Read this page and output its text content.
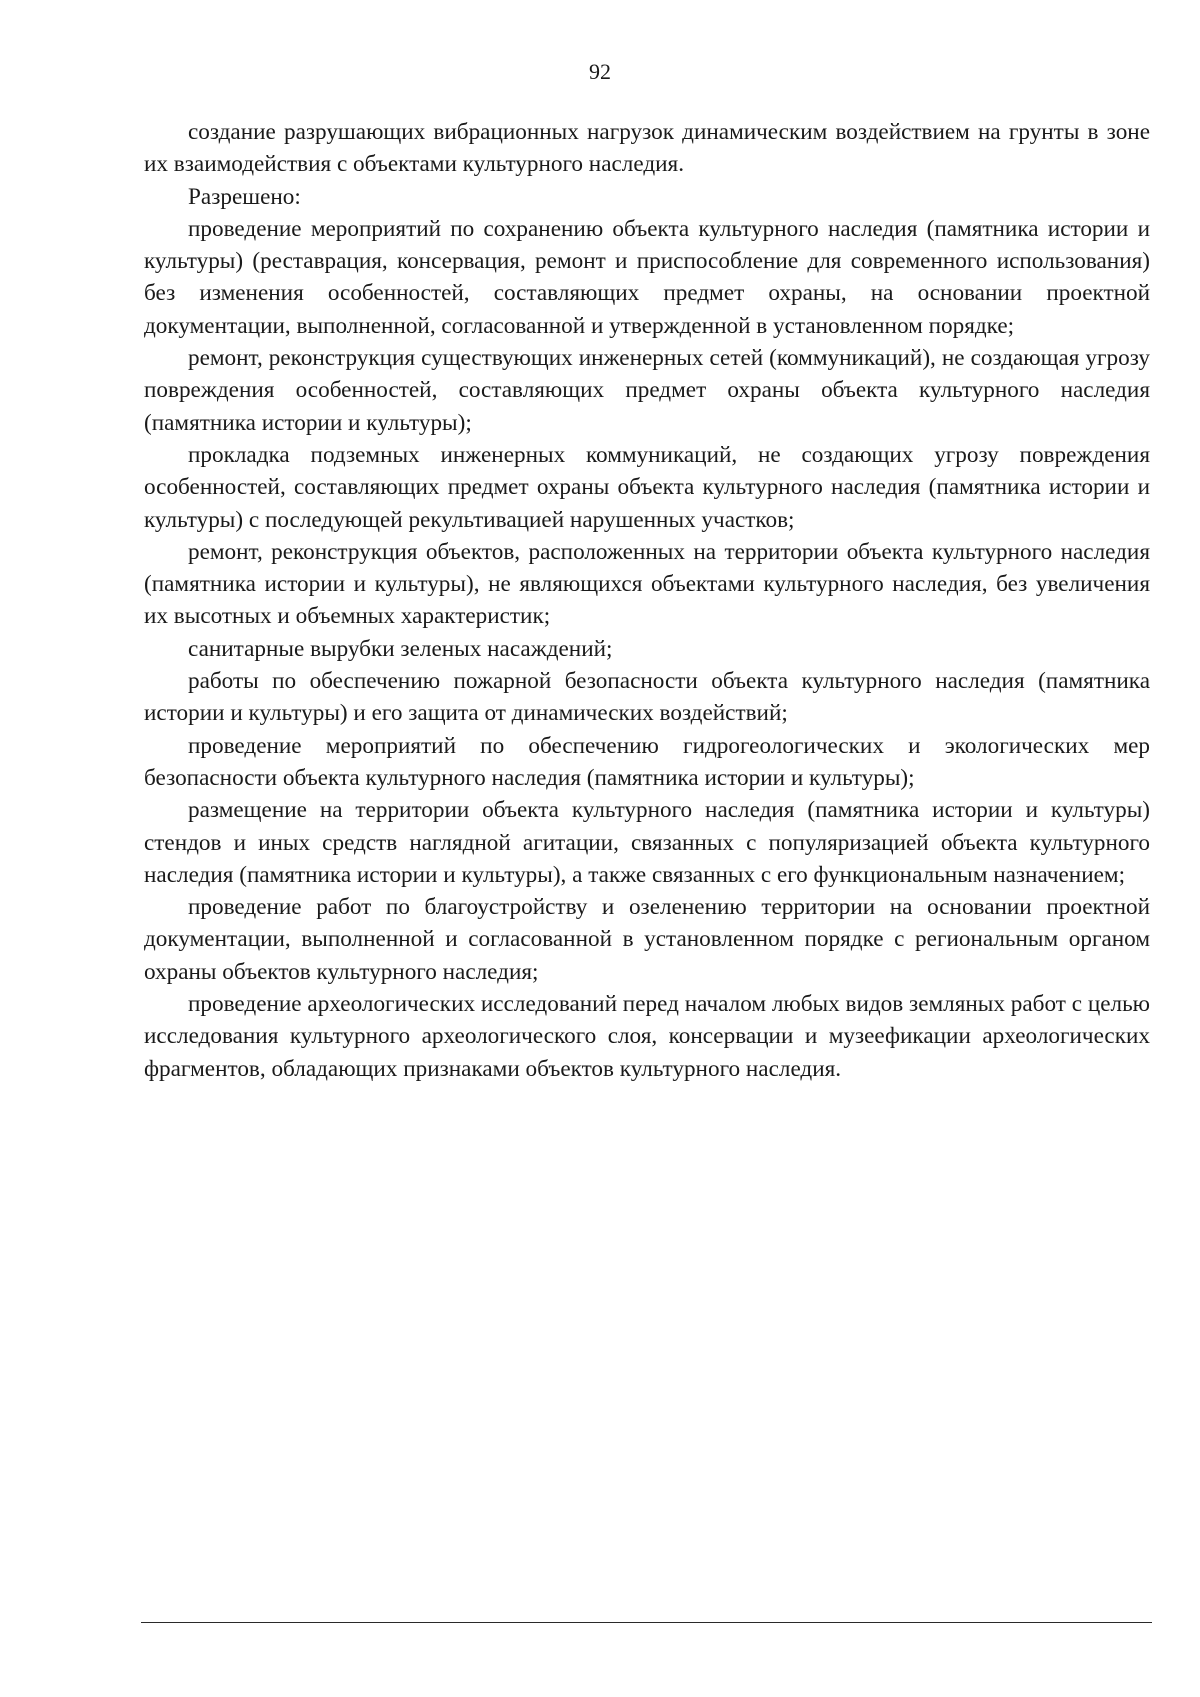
92

создание разрушающих вибрационных нагрузок динамическим воздействием на грунты в зоне их взаимодействия с объектами культурного наследия.

Разрешено:

проведение мероприятий по сохранению объекта культурного наследия (памятника истории и культуры) (реставрация, консервация, ремонт и приспособление для современного использования) без изменения особенностей, составляющих предмет охраны, на основании проектной документации, выполненной, согласованной и утвержденной в установленном порядке;

ремонт, реконструкция существующих инженерных сетей (коммуникаций), не создающая угрозу повреждения особенностей, составляющих предмет охраны объекта культурного наследия (памятника истории и культуры);

прокладка подземных инженерных коммуникаций, не создающих угрозу повреждения особенностей, составляющих предмет охраны объекта культурного наследия (памятника истории и культуры) с последующей рекультивацией нарушенных участков;

ремонт, реконструкция объектов, расположенных на территории объекта культурного наследия (памятника истории и культуры), не являющихся объектами культурного наследия, без увеличения их высотных и объемных характеристик;

санитарные вырубки зеленых насаждений;

работы по обеспечению пожарной безопасности объекта культурного наследия (памятника истории и культуры) и его защита от динамических воздействий;

проведение мероприятий по обеспечению гидрогеологических и экологических мер безопасности объекта культурного наследия (памятника истории и культуры);

размещение на территории объекта культурного наследия (памятника истории и культуры) стендов и иных средств наглядной агитации, связанных с популяризацией объекта культурного наследия (памятника истории и культуры), а также связанных с его функциональным назначением;

проведение работ по благоустройству и озеленению территории на основании проектной документации, выполненной и согласованной в установленном порядке с региональным органом охраны объектов культурного наследия;

проведение археологических исследований перед началом любых видов земляных работ с целью исследования культурного археологического слоя, консервации и музеефикации археологических фрагментов, обладающих признаками объектов культурного наследия.
